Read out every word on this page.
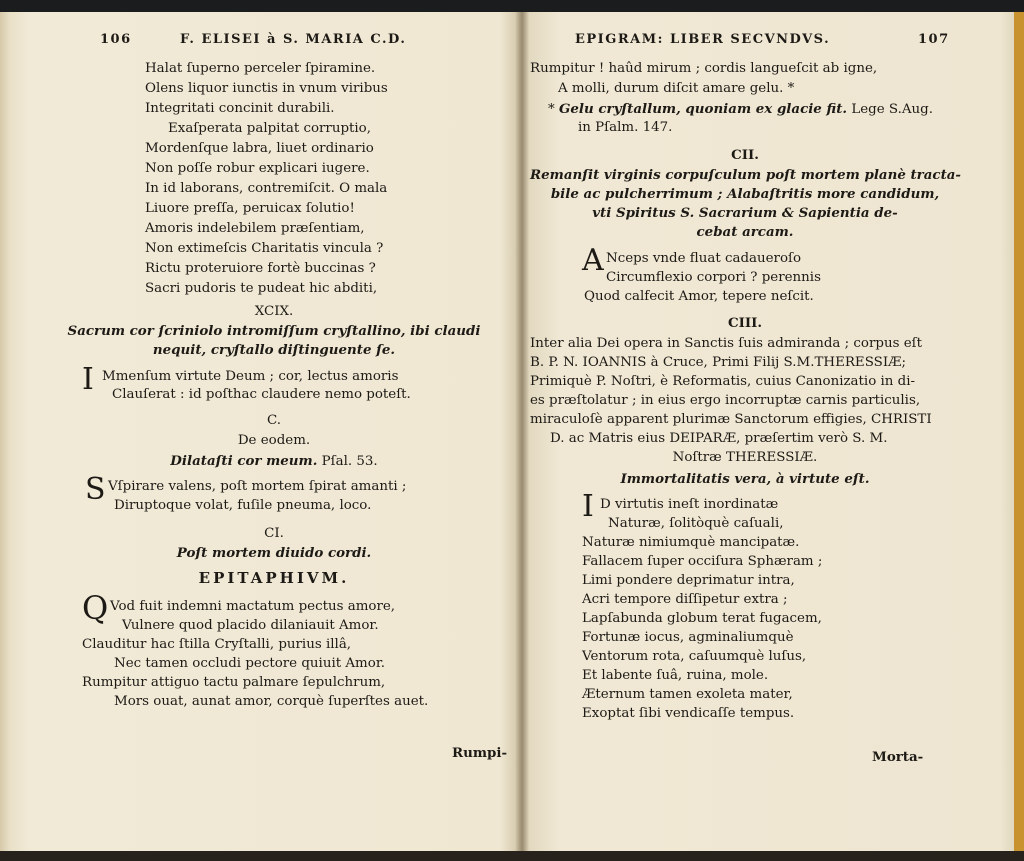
106	F. ELISEI à S. MARIA C.D.
Halat ſuperno perceler ſpiramine.
Olens liquor iunctis in vnum viribus
Integritati concinit durabili.
Exaſperata palpitat corruptio,
Mordenſque labra, liuet ordinario
Non poſſe robur explicari iugere.
In id laborans, contremiſcit. O mala
Liuore preſſa, peruicax ſolutio!
Amoris indelebilem præſentiam,
Non extimeſcis Charitatis vincula ?
Rictu proteruiore fortè buccinas ?
Sacri pudoris te pudeat hic abditi,
XCIX.
Sacrum cor ſcriniolo intromiſſum cryſtallino, ibi claudi
nequit, cryſtallo diſtinguente ſe.
I Mmenſum virtute Deum ; cor, lectus amoris
Clauſerat : id poſthac claudere nemo poteſt.
C.
De eodem.
Dilataſti cor meum. Pſal. 53.
S Vſpirare valens, poſt mortem ſpirat amanti ;
Diruptoque volat, fuſile pneuma, loco.
CI.
Poſt mortem diuido cordi.
EPITAPHIVM.
Q Vod fuit indemni mactatum pectus amore,
Vulnere quod placido dilaniauit Amor.
Clauditur hac ſtilla Cryſtalli, purius illâ,
Nec tamen occludi pectore quiuit Amor.
Rumpitur attiguo tactu palmare ſepulchrum,
Mors ouat, aunat amor, corquè ſuperſtes auet.
Rumpi-
EPIGRAM: LIBER SECVNDVS.	107
Rumpitur ! haûd mirum ; cordis langueſcit ab igne,
A molli, durum diſcit amare gelu. *
* Gelu cryſtallum, quoniam ex glacie fit. Lege S.Aug.
in Pſalm. 147.
CII.
Remanſit virginis corpuſculum poſt mortem planè tracta-
bile ac pulcherrimum ; Alabaſtritis more candidum,
vti Spiritus S. Sacrarium & Sapientia de-
cebat arcam.
A Nceps vnde fluat cadaueroſo
Circumflexio corpori ? perennis
Quod calfecit Amor, tepere neſcit.
CIII.
Inter alia Dei opera in Sanctis ſuis admiranda ; corpus eſt
B. P. N. IOANNIS à Cruce, Primi Filij S.M.THERESSIÆ;
Primiquè P. Noſtri, è Reformatis, cuius Canonizatio in di-
es præſtolatur ; in eius ergo incorruptæ carnis particulis,
miraculoſè apparent plurimæ Sanctorum effigies, CHRISTI
D. ac Matris eius DEIPARÆ, præſertim verò S. M.
Noſtræ THERESSIÆ.
Immortalitatis vera, à virtute eſt.
I D virtutis ineſt inordinatæ
Naturæ, ſolitòquè caſuali,
Naturæ nimiumquè mancipatæ.
Fallacem ſuper occiſura Sphæram ;
Limi pondere deprimatur intra,
Acri tempore diſſipetur extra ;
Lapſabunda globum terat fugacem,
Fortunæ iocus, agminaliumquè
Ventorum rota, caſuumquè luſus,
Et labente ſuâ, ruina, mole.
Æternum tamen exoleta mater,
Exoptat ſibi vendicaſſe tempus.
Morta-
